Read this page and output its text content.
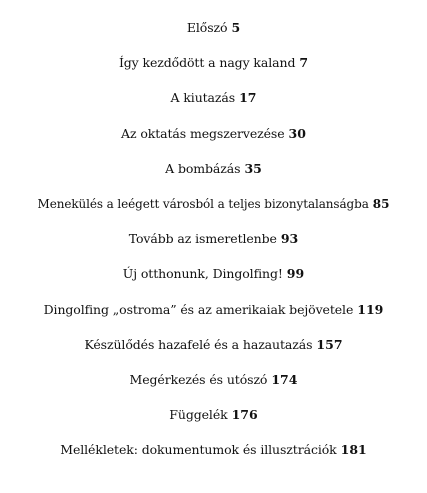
Előszó 5
Így kezdődött a nagy kaland 7
A kiutazás 17
Az oktatás megszervezése 30
A bombázás 35
Menekülés a leégett városból a teljes bizonytalanságba 85
Tovább az ismeretlenbe 93
Új otthonunk, Dingolfing! 99
Dingolfing „ostroma” és az amerikaiak bejövetele 119
Készülődés hazafelé és a hazautazás 157
Megérkezés és utószó 174
Függelék 176
Mellékletek: dokumentumok és illusztrációk 181
